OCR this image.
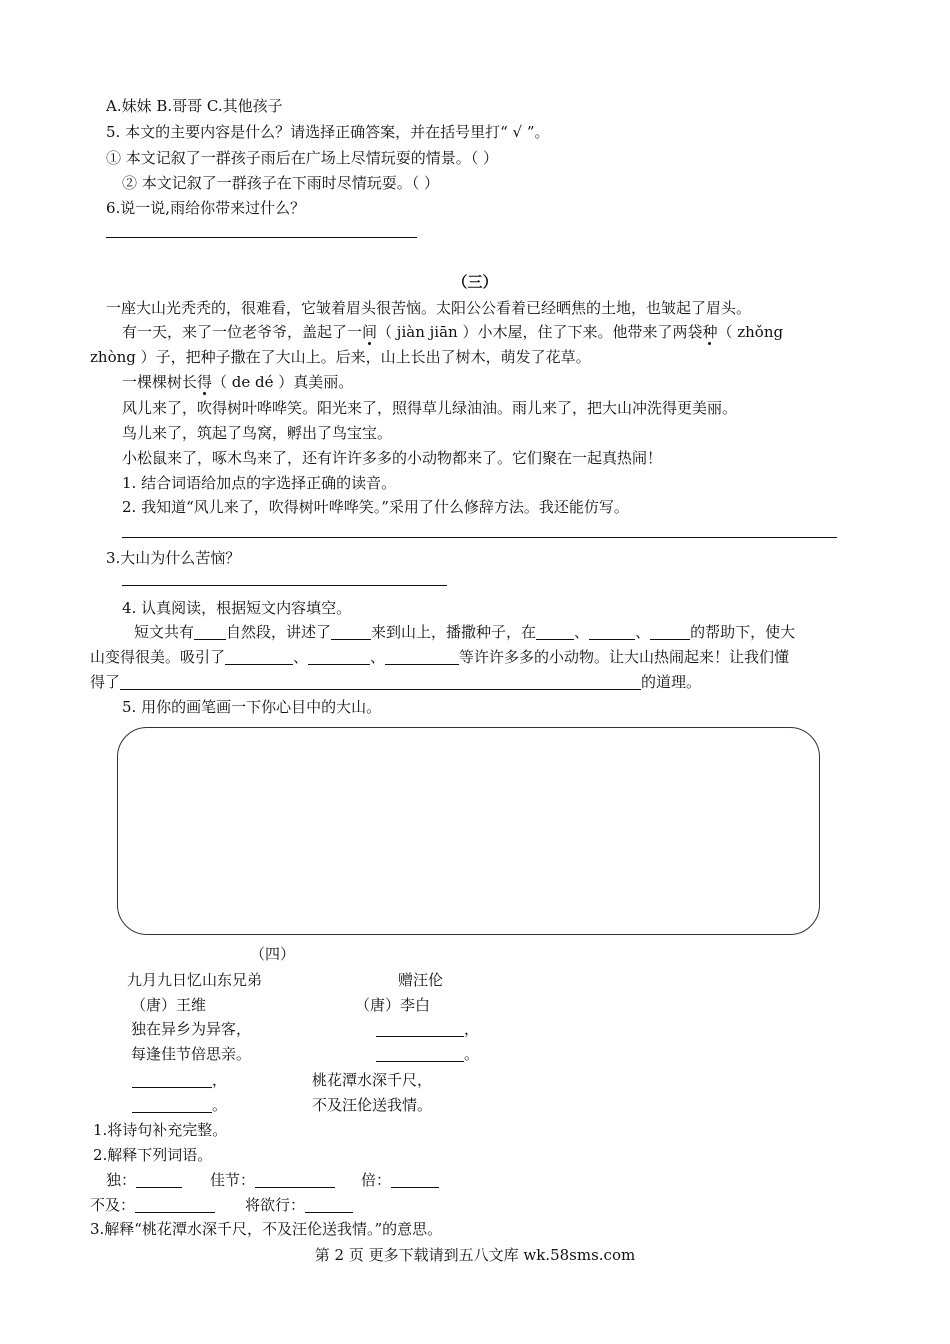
A.妹妹 B.哥哥 C.其他孩子
5. 本文的主要内容是什么？请选择正确答案，并在括号里打“ √ ”。
① 本文记叙了一群孩子雨后在广场上尽情玩耍的情景。（ ）
② 本文记叙了一群孩子在下雨时尽情玩耍。（ ）
6.说一说,雨给你带来过什么？
（三）
一座大山光秃秃的，很难看，它皱着眉头很苦恼。太阳公公看着已经晒焦的土地，也皱起了眉头。
有一天，来了一位老爷爷，盖起了一间（ jiàn jiān ）小木屋，住了下来。他带来了两袋种（ zhǒng
zhòng ）子，把种子撒在了大山上。后来，山上长出了树木，萌发了花草。
一棵棵树长得（ de dé ）真美丽。
风儿来了，吹得树叶哗哗笑。阳光来了，照得草儿绿油油。雨儿来了，把大山冲洗得更美丽。
鸟儿来了，筑起了鸟窝，孵出了鸟宝宝。
小松鼠来了，啄木鸟来了，还有许许多多的小动物都来了。它们聚在一起真热闹！
1. 结合词语给加点的字选择正确的读音。
2. 我知道“风儿来了，吹得树叶哗哗笑。”采用了什么修辞方法。我还能仿写。
3.大山为什么苦恼？
4. 认真阅读，根据短文内容填空。
短文共有 自然段，讲述了	来到山上，播撒种子，在	、	、	的帮助下，使大
山变得很美。吸引了	、	、	等许许多多的小动物。让大山热闹起来！让我们懂
得了	的道理。
5. 用你的画笔画一下你心目中的大山。
（四）
九月九日忆山东兄弟	赠汪伦
（唐）王维	（唐）李白
独在异乡为异客，	，
每逢佳节倍思亲。	。
，	桃花潭水深千尺，
。	不及汪伦送我情。
1.将诗句补充完整。
2.解释下列词语。
独：	佳节：	倍：
不及：	将欲行：
3.解释“桃花潭水深千尺，不及汪伦送我情。”的意思。
第 2 页 更多下载请到五八文库 wk.58sms.com
